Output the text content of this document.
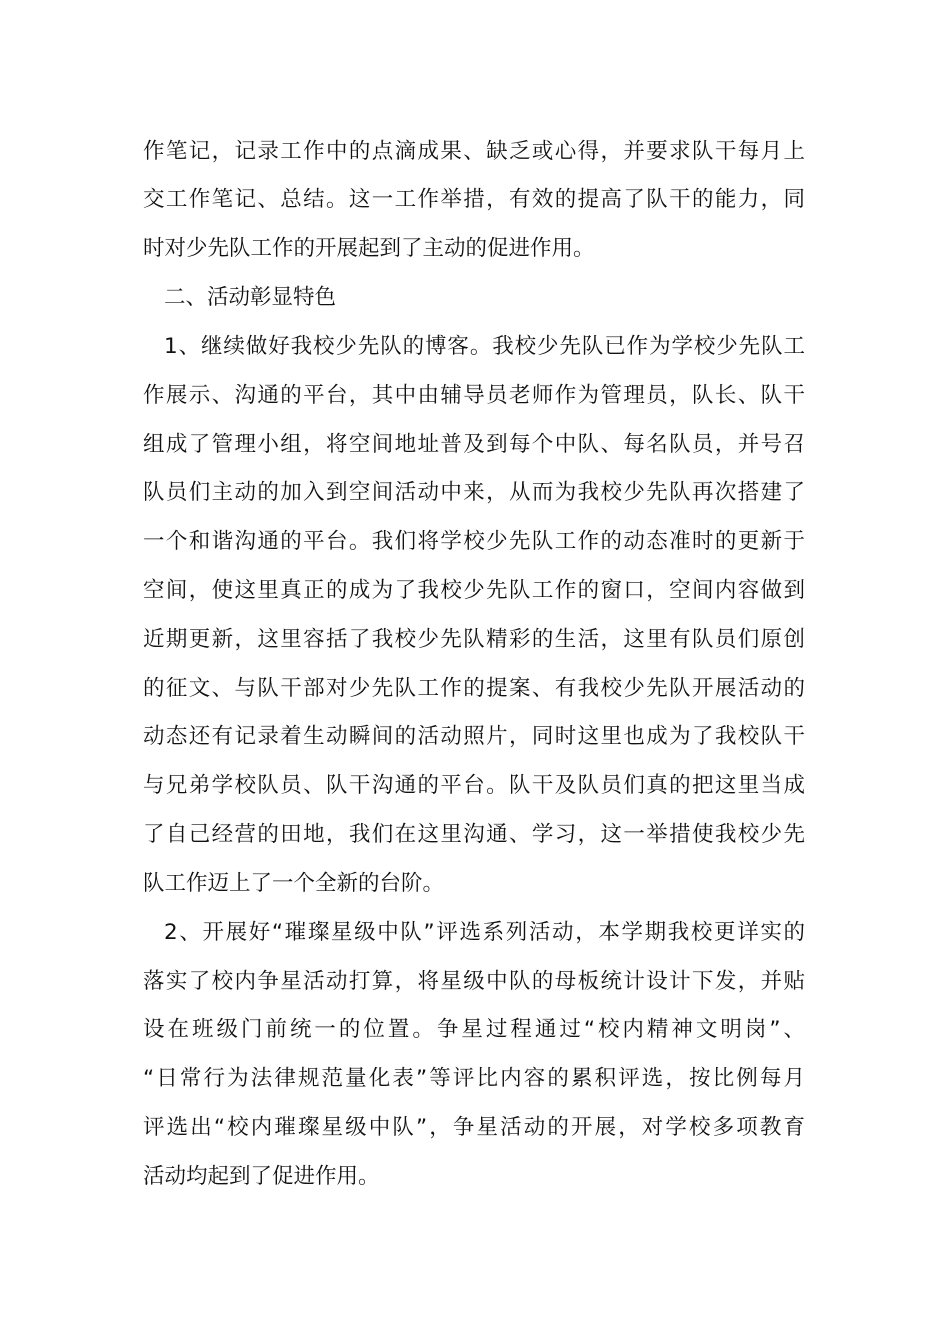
作笔记，记录工作中的点滴成果、缺乏或心得，并要求队干每月上
交工作笔记、总结。这一工作举措，有效的提高了队干的能力，同
时对少先队工作的开展起到了主动的促进作用。
二、活动彰显特色
1、继续做好我校少先队的博客。我校少先队已作为学校少先队工
作展示、沟通的平台，其中由辅导员老师作为管理员，队长、队干
组成了管理小组，将空间地址普及到每个中队、每名队员，并号召
队员们主动的加入到空间活动中来，从而为我校少先队再次搭建了
一个和谐沟通的平台。我们将学校少先队工作的动态准时的更新于
空间，使这里真正的成为了我校少先队工作的窗口，空间内容做到
近期更新，这里容括了我校少先队精彩的生活，这里有队员们原创
的征文、与队干部对少先队工作的提案、有我校少先队开展活动的
动态还有记录着生动瞬间的活动照片，同时这里也成为了我校队干
与兄弟学校队员、队干沟通的平台。队干及队员们真的把这里当成
了自己经营的田地，我们在这里沟通、学习，这一举措使我校少先
队工作迈上了一个全新的台阶。
2、开展好“璀璨星级中队”评选系列活动，本学期我校更详实的
落实了校内争星活动打算，将星级中队的母板统计设计下发，并贴
设在班级门前统一的位置。争星过程通过“校内精神文明岗”、
“日常行为法律规范量化表”等评比内容的累积评选，按比例每月
评选出“校内璀璨星级中队”，争星活动的开展，对学校多项教育
活动均起到了促进作用。
